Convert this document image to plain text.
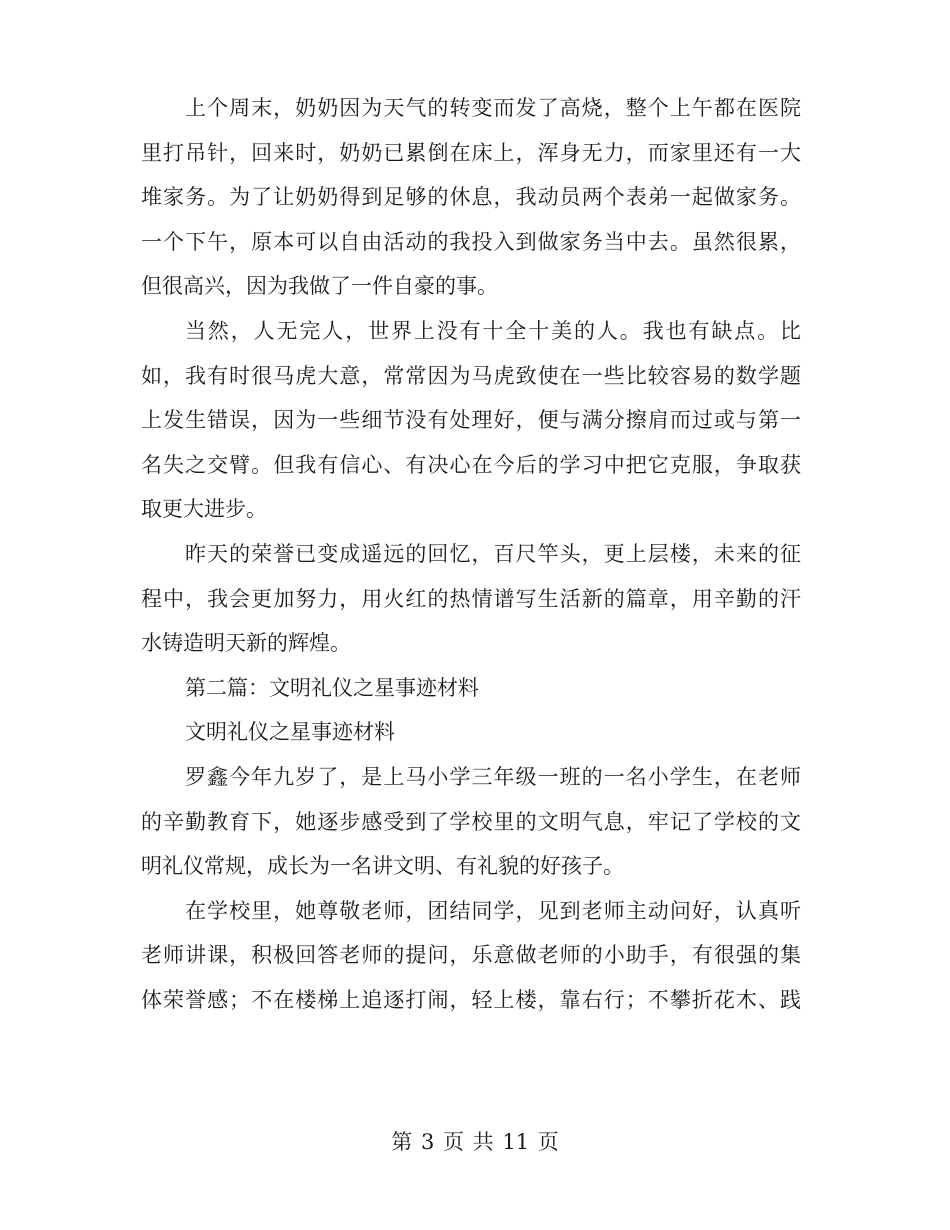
上个周末，奶奶因为天气的转变而发了高烧，整个上午都在医院
里打吊针，回来时，奶奶已累倒在床上，浑身无力，而家里还有一大
堆家务。为了让奶奶得到足够的休息，我动员两个表弟一起做家务。
一个下午，原本可以自由活动的我投入到做家务当中去。虽然很累，
但很高兴，因为我做了一件自豪的事。
当然，人无完人，世界上没有十全十美的人。我也有缺点。比
如，我有时很马虎大意，常常因为马虎致使在一些比较容易的数学题
上发生错误，因为一些细节没有处理好，便与满分擦肩而过或与第一
名失之交臂。但我有信心、有决心在今后的学习中把它克服，争取获
取更大进步。
昨天的荣誉已变成遥远的回忆，百尺竿头，更上层楼，未来的征
程中，我会更加努力，用火红的热情谱写生活新的篇章，用辛勤的汗
水铸造明天新的辉煌。
第二篇：文明礼仪之星事迹材料
文明礼仪之星事迹材料
罗鑫今年九岁了，是上马小学三年级一班的一名小学生，在老师
的辛勤教育下，她逐步感受到了学校里的文明气息，牢记了学校的文
明礼仪常规，成长为一名讲文明、有礼貌的好孩子。
在学校里，她尊敬老师，团结同学，见到老师主动问好，认真听
老师讲课，积极回答老师的提问，乐意做老师的小助手，有很强的集
体荣誉感；不在楼梯上追逐打闹，轻上楼，靠右行；不攀折花木、践
第 3 页 共 11 页
